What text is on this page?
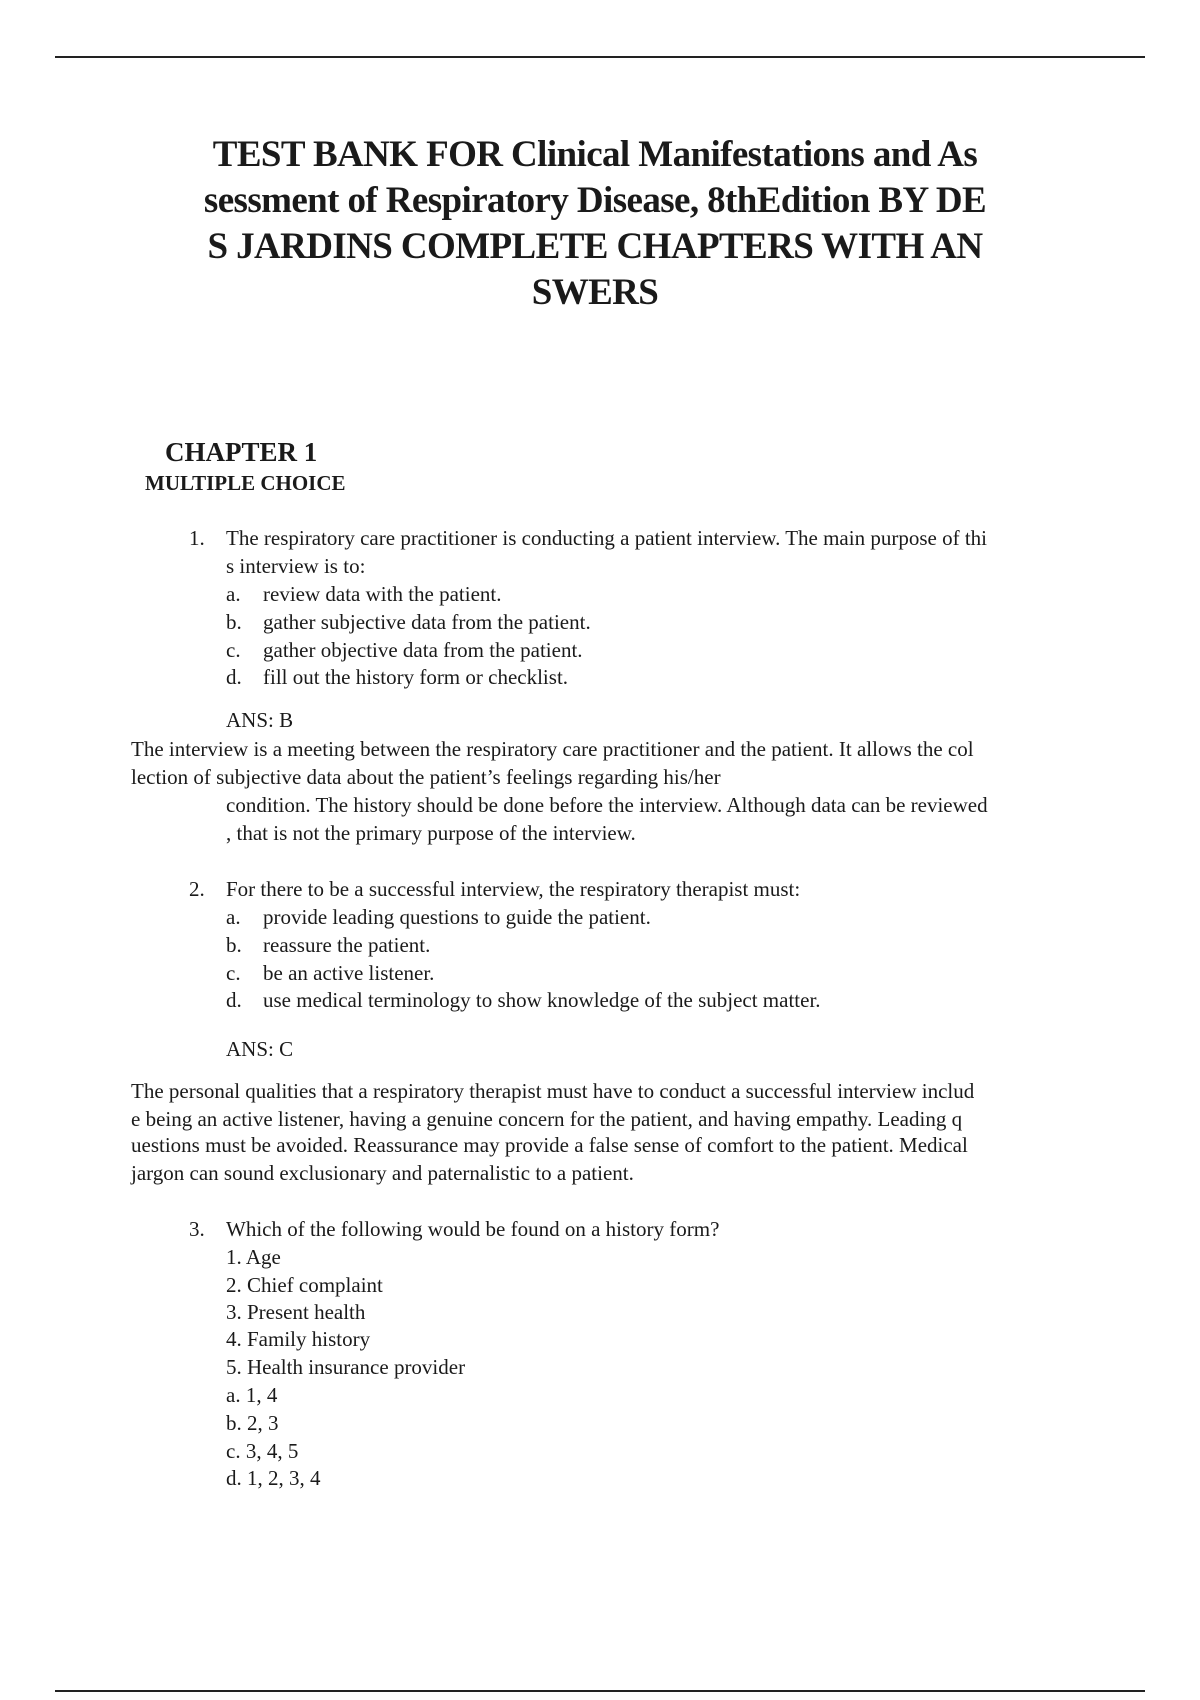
TEST BANK FOR Clinical Manifestations and As
sessment of Respiratory Disease, 8thEdition BY DE
S JARDINS COMPLETE CHAPTERS WITH AN
SWERS
CHAPTER 1
MULTIPLE CHOICE
1. The respiratory care practitioner is conducting a patient interview. The main purpose of thi
s interview is to:
a. review data with the patient.
b. gather subjective data from the patient.
c. gather objective data from the patient.
d. fill out the history form or checklist.
ANS: B
The interview is a meeting between the respiratory care practitioner and the patient. It allows the col
lection of subjective data about the patient’s feelings regarding his/her
condition. The history should be done before the interview. Although data can be reviewed
, that is not the primary purpose of the interview.
2. For there to be a successful interview, the respiratory therapist must:
a. provide leading questions to guide the patient.
b. reassure the patient.
c. be an active listener.
d. use medical terminology to show knowledge of the subject matter.
ANS: C
The personal qualities that a respiratory therapist must have to conduct a successful interview includ
e being an active listener, having a genuine concern for the patient, and having empathy. Leading q
uestions must be avoided. Reassurance may provide a false sense of comfort to the patient. Medical
jargon can sound exclusionary and paternalistic to a patient.
3. Which of the following would be found on a history form?
1. Age
2. Chief complaint
3. Present health
4. Family history
5. Health insurance provider
a. 1, 4
b. 2, 3
c. 3, 4, 5
d. 1, 2, 3, 4
